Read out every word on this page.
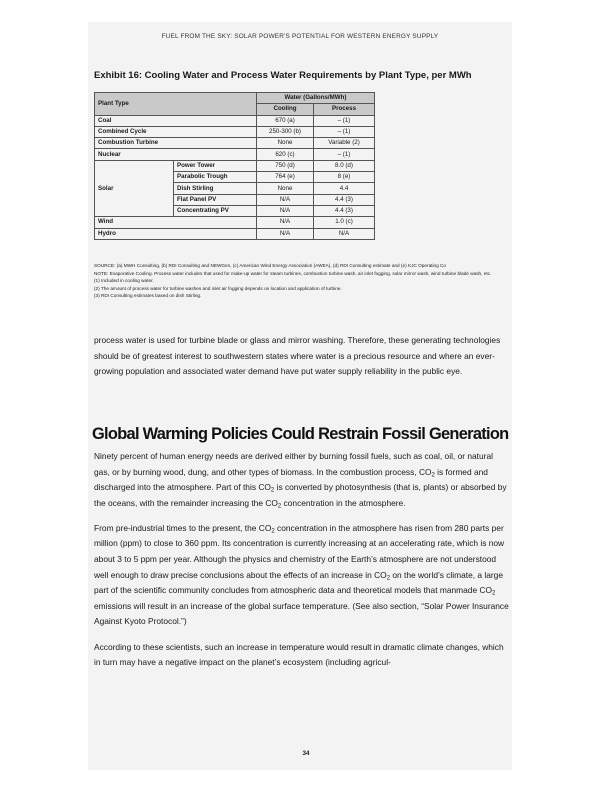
FUEL FROM THE SKY: SOLAR POWER'S POTENTIAL FOR WESTERN ENERGY SUPPLY
Exhibit 16: Cooling Water and Process Water Requirements by Plant Type, per MWh
Plant Type		Water (Gallons/MWh)	
		Cooling	Process
Coal		670 (a)	– (1)
Combined Cycle		250-300 (b)	– (1)
Combustion Turbine		None	Variable (2)
Nuclear		620 (c)	– (1)
Solar	Power Tower	750 (d)	8.0 (d)
	Parabolic Trough	764 (e)	8 (e)
	Dish Stirling	None	4.4
	Flat Panel PV	N/A	4.4 (3)
	Concentrating PV	N/A	4.4 (3)
Wind		N/A	1.0 (c)
Hydro		N/A	N/A

SOURCE: (a) MWH Consulting, (b) RDI Consulting and NEWGen, (c) American Wind Energy Association (AWEA), (d) RDI Consulting estimate and (e) KJC Operating Co

NOTE: Evaporative Cooling. Process water includes that used for make-up water for steam turbines, combustion turbine wash, air inlet fogging, solar mirror wash, wind turbine blade wash, etc.

(1) Included in cooling water.

(2) The amount of process water for turbine washes and inlet air fogging depends on location and application of turbine.

(3) RDI Consulting estimates based on dish Stirling.

process water is used for turbine blade or glass and mirror washing. Therefore, these generating technologies should be of greatest interest to southwestern states where water is a precious resource and where an ever-growing population and associated water demand have put water supply reliability in the public eye.

Global Warming Policies Could Restrain Fossil Generation

Ninety percent of human energy needs are derived either by burning fossil fuels, such as coal, oil, or natural gas, or by burning wood, dung, and other types of biomass. In the combustion process, $CO_2$ is formed and discharged into the atmosphere. Part of this $CO_2$ is converted by photosynthesis (that is, plants) or absorbed by the oceans, with the remainder increasing the $CO_2$ concentration in the atmosphere.

From pre-industrial times to the present, the $CO_2$ concentration in the atmosphere has risen from 280 parts per million (ppm) to close to 360 ppm. Its concentration is currently increasing at an accelerating rate, which is now about 3 to 5 ppm per year. Although the physics and chemistry of the Earth’s atmosphere are not understood well enough to draw precise conclusions about the effects of an increase in $CO_2$ on the world’s climate, a large part of the scientific community concludes from atmospheric data and theoretical models that manmade $CO_2$ emissions will result in an increase of the global surface temperature. (See also section, “Solar Power Insurance Against Kyoto Protocol.”)

According to these scientists, such an increase in temperature would result in dramatic climate changes, which in turn may have a negative impact on the planet’s ecosystem (including agricul-

34
